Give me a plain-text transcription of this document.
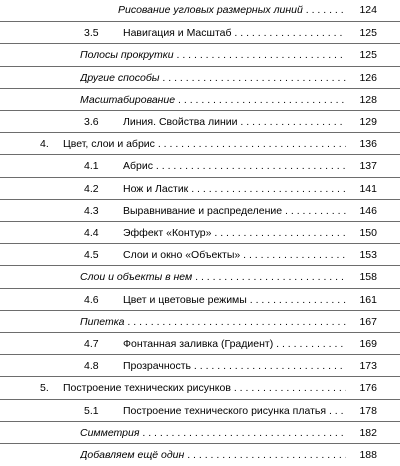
Рисование угловых размерных линий . . .	124
3.5 Навигация и Масштаб . . .	125
Полосы прокрутки . . .	125
Другие способы . . .	126
Масштабирование . . .	128
3.6 Линия. Свойства линии . . .	129
4. Цвет, слои и абрис . . .	136
4.1 Абрис . . .	137
4.2 Нож и Ластик . . .	141
4.3 Выравнивание и распределение . . .	146
4.4 Эффект «Контур» . . .	150
4.5 Слои и окно «Объекты» . . .	153
Слои и объекты в нем . . .	158
4.6 Цвет и цветовые режимы . . .	161
Пипетка . . .	167
4.7 Фонтанная заливка (Градиент) . . .	169
4.8 Прозрачность . . .	173
5. Построение технических рисунков . . .	176
5.1 Построение технического рисунка платья . . .	178
Симметрия . . .	182
Добавляем ещё один . . .	188
